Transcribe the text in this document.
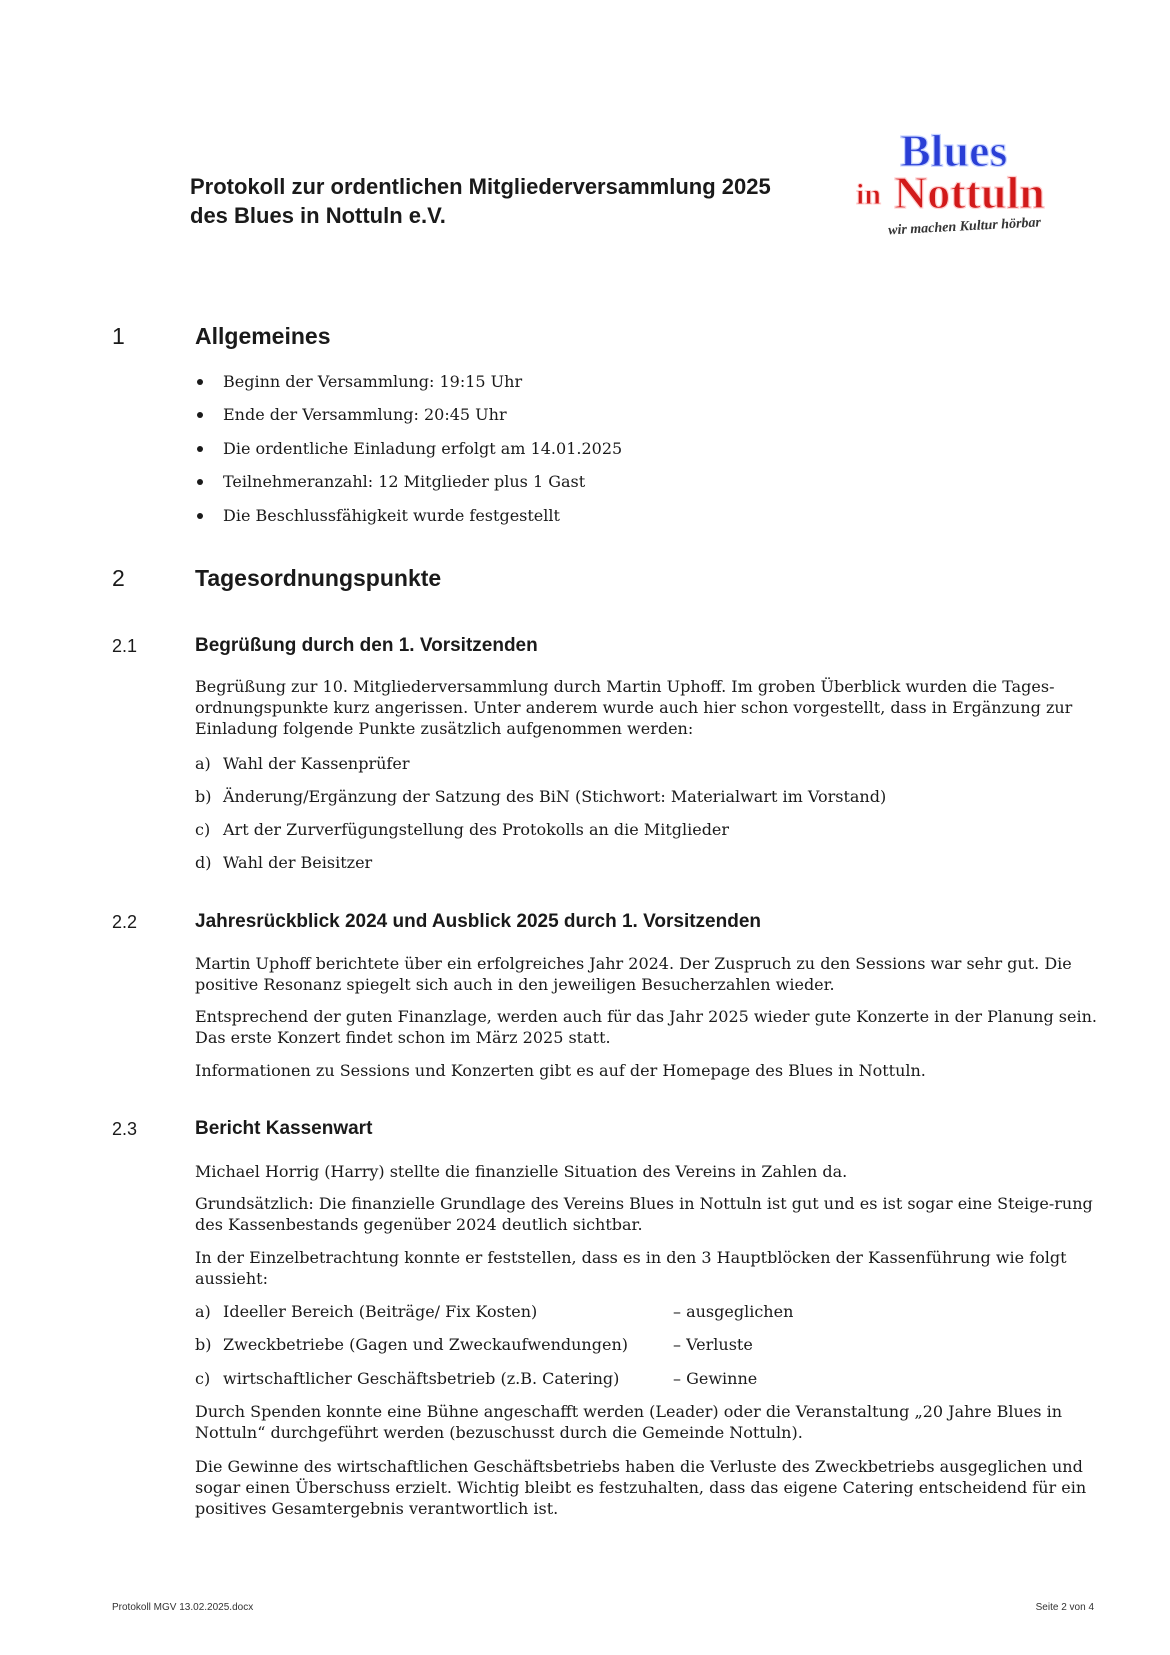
Protokoll zur ordentlichen Mitgliederversammlung 2025
des Blues in Nottuln e.V.
Blues
in Nottuln
wir machen Kultur hörbar
1	Allgemeines
Beginn der Versammlung: 19:15 Uhr
Ende der Versammlung: 20:45 Uhr
Die ordentliche Einladung erfolgt am 14.01.2025
Teilnehmeranzahl: 12 Mitglieder plus 1 Gast
Die Beschlussfähigkeit wurde festgestellt
2	Tagesordnungspunkte
2.1	Begrüßung durch den 1. Vorsitzenden
Begrüßung zur 10. Mitgliederversammlung durch Martin Uphoff. Im groben Überblick wurden die Tages-ordnungspunkte kurz angerissen. Unter anderem wurde auch hier schon vorgestellt, dass in Ergänzung zur Einladung folgende Punkte zusätzlich aufgenommen werden:
a) Wahl der Kassenprüfer
b) Änderung/Ergänzung der Satzung des BiN (Stichwort: Materialwart im Vorstand)
c) Art der Zurverfügungstellung des Protokolls an die Mitglieder
d) Wahl der Beisitzer
2.2	Jahresrückblick 2024 und Ausblick 2025 durch 1. Vorsitzenden
Martin Uphoff berichtete über ein erfolgreiches Jahr 2024. Der Zuspruch zu den Sessions war sehr gut. Die positive Resonanz spiegelt sich auch in den jeweiligen Besucherzahlen wieder.
Entsprechend der guten Finanzlage, werden auch für das Jahr 2025 wieder gute Konzerte in der Planung sein. Das erste Konzert findet schon im März 2025 statt.
Informationen zu Sessions und Konzerten gibt es auf der Homepage des Blues in Nottuln.
2.3	Bericht Kassenwart
Michael Horrig (Harry) stellte die finanzielle Situation des Vereins in Zahlen da.
Grundsätzlich: Die finanzielle Grundlage des Vereins Blues in Nottuln ist gut und es ist sogar eine Steige-rung des Kassenbestands gegenüber 2024 deutlich sichtbar.
In der Einzelbetrachtung konnte er feststellen, dass es in den 3 Hauptblöcken der Kassenführung wie folgt aussieht:
a) Ideeller Bereich (Beiträge/ Fix Kosten)	– ausgeglichen
b) Zweckbetriebe (Gagen und Zweckaufwendungen)	– Verluste
c) wirtschaftlicher Geschäftsbetrieb (z.B. Catering)	– Gewinne
Durch Spenden konnte eine Bühne angeschafft werden (Leader) oder die Veranstaltung „20 Jahre Blues in Nottuln“ durchgeführt werden (bezuschusst durch die Gemeinde Nottuln).
Die Gewinne des wirtschaftlichen Geschäftsbetriebs haben die Verluste des Zweckbetriebs ausgeglichen und sogar einen Überschuss erzielt. Wichtig bleibt es festzuhalten, dass das eigene Catering entscheidend für ein positives Gesamtergebnis verantwortlich ist.
Protokoll MGV 13.02.2025.docx	Seite 2 von 4
